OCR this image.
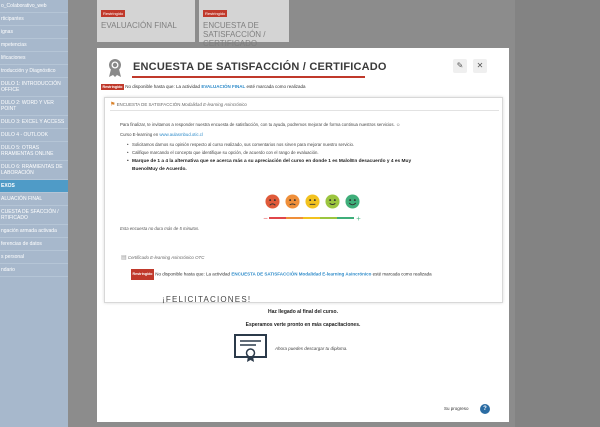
o_Colaborativo_web
rticipantes
ignas
mpetencias
lificaciones
troducción y Diagnóstico
DULO 1: INTRODUCCIÓN OFFICE
DULO 2: WORD Y VER POINT
DULO 3: EXCEL Y ACCESS
DULO 4 - OUTLOOK
DULO 5: OTRAS RRAMIENTAS ONLINE
DULO 6: RRAMIENTAS DE LABORACIÓN
EXOS
ALUACIÓN FINAL
CUESTA DE SFACCIÓN / RTIFICADO
ngación armada activada
ferencias de datos
s personal
ndario
Restringido
EVALUACIÓN FINAL
Restringido
ENCUESTA DE SATISFACCIÓN / CERTIFICADO
ENCUESTA DE SATISFACCIÓN / CERTIFICADO	✎	✕
Restringido No disponible hasta que: La actividad EVALUACIÓN FINAL esté marcada como realizada
⚑ ENCUESTA DE SATISFACCIÓN Modalidad E-learning Asincrónico
Para finalizar, te invitamos a responder nuestra encuesta de satisfacción, con tu ayuda, podremos mejorar de forma continua nuestros servicios. ☺
Curso E-learning en www.aulasmbud.otic.cl
• Solicitamos darnos su opinión respecto al curso realizado, sus comentarios nos sirven para mejorar nuestro servicio.
• Califique marcando el concepto que identifique su opción, de acuerdo con el rango de evaluación.
• Marque de 1 a 4 la alternativa que se acerca más a su apreciación del curso en donde 1 es Malo/En desacuerdo y 4 es Muy Bueno/Muy de Acuerdo.
−	+
Esta encuesta no dura más de 5 minutos.
▤ Certificado E-learning Asincrónico OTC
Restringido No disponible hasta que: La actividad ENCUESTA DE SATISFACCIÓN Modalidad E-learning Asincrónico esté marcada como realizada
¡FELICITACIONES!
Haz llegado al final del curso.
Esperamos verte pronto en más capacitaciones.
Ahora puedes descargar tu diploma.
Su progreso	?
